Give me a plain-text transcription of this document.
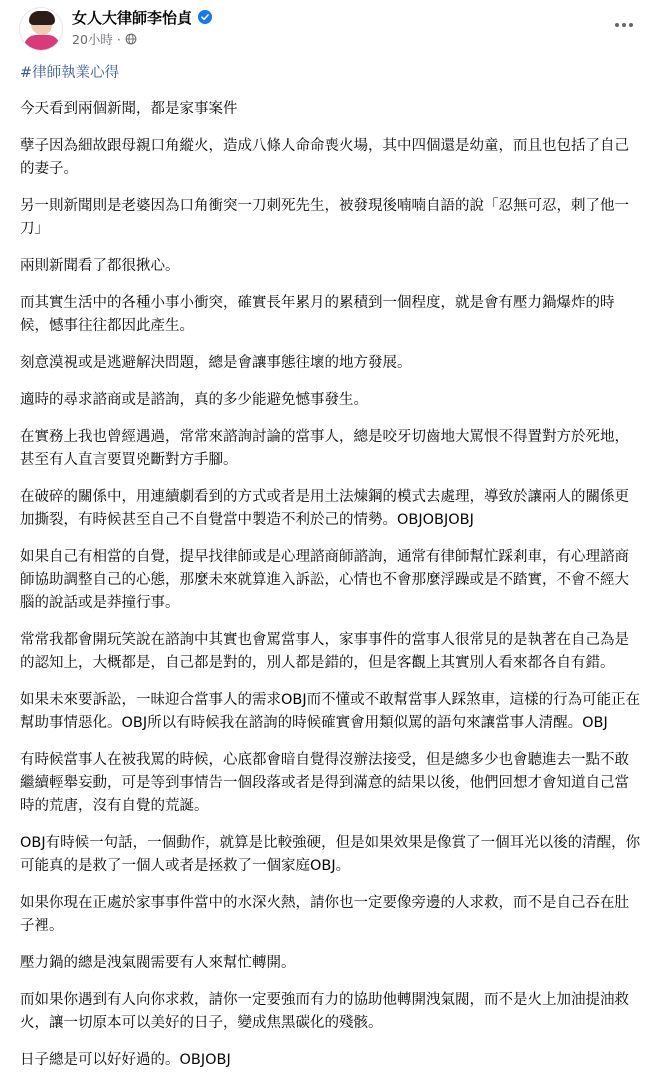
女人大律師李怡貞
20小時 ·
#律師執業心得
今天看到兩個新聞，都是家事案件
孽子因為細故跟母親口角縱火，造成八條人命命喪火場，其中四個還是幼童，而且也包括了自己的妻子。
另一則新聞則是老婆因為口角衝突一刀刺死先生，被發現後喃喃自語的說「忍無可忍，刺了他一刀」
兩則新聞看了都很揪心。
而其實生活中的各種小事小衝突，確實長年累月的累積到一個程度，就是會有壓力鍋爆炸的時候，憾事往往都因此產生。
刻意漠視或是逃避解決問題，總是會讓事態往壞的地方發展。
適時的尋求諮商或是諮詢，真的多少能避免憾事發生。
在實務上我也曾經遇過，常常來諮詢討論的當事人，總是咬牙切齒地大罵恨不得置對方於死地，甚至有人直言要買兇斷對方手腳。
在破碎的關係中，用連續劇看到的方式或者是用土法煉鋼的模式去處理，導致於讓兩人的關係更加撕裂，有時候甚至自己不自覺當中製造不利於己的情勢。OBJOBJOBJ
如果自己有相當的自覺，提早找律師或是心理諮商師諮詢，通常有律師幫忙踩剎車，有心理諮商師協助調整自己的心態，那麼未來就算進入訴訟，心情也不會那麼浮躁或是不踏實，不會不經大腦的說話或是莽撞行事。
常常我都會開玩笑說在諮詢中其實也會罵當事人，家事事件的當事人很常見的是執著在自己為是的認知上，大概都是，自己都是對的，別人都是錯的，但是客觀上其實別人看來都各自有錯。
如果未來要訴訟，一昧迎合當事人的需求OBJ而不懂或不敢幫當事人踩煞車，這樣的行為可能正在幫助事情惡化。OBJ所以有時候我在諮詢的時候確實會用類似罵的語句來讓當事人清醒。OBJ
有時候當事人在被我罵的時候，心底都會暗自覺得沒辦法接受，但是總多少也會聽進去一點不敢繼續輕舉妄動，可是等到事情告一個段落或者是得到滿意的結果以後，他們回想才會知道自己當時的荒唐，沒有自覺的荒誕。
OBJ有時候一句話，一個動作，就算是比較強硬，但是如果效果是像賞了一個耳光以後的清醒，你可能真的是救了一個人或者是拯救了一個家庭OBJ。
如果你現在正處於家事事件當中的水深火熱，請你也一定要像旁邊的人求救，而不是自己吞在肚子裡。
壓力鍋的總是洩氣閥需要有人來幫忙轉開。
而如果你遇到有人向你求救，請你一定要強而有力的協助他轉開洩氣閥，而不是火上加油提油救火，讓一切原本可以美好的日子，變成焦黑碳化的殘骸。
日子總是可以好好過的。OBJOBJ
